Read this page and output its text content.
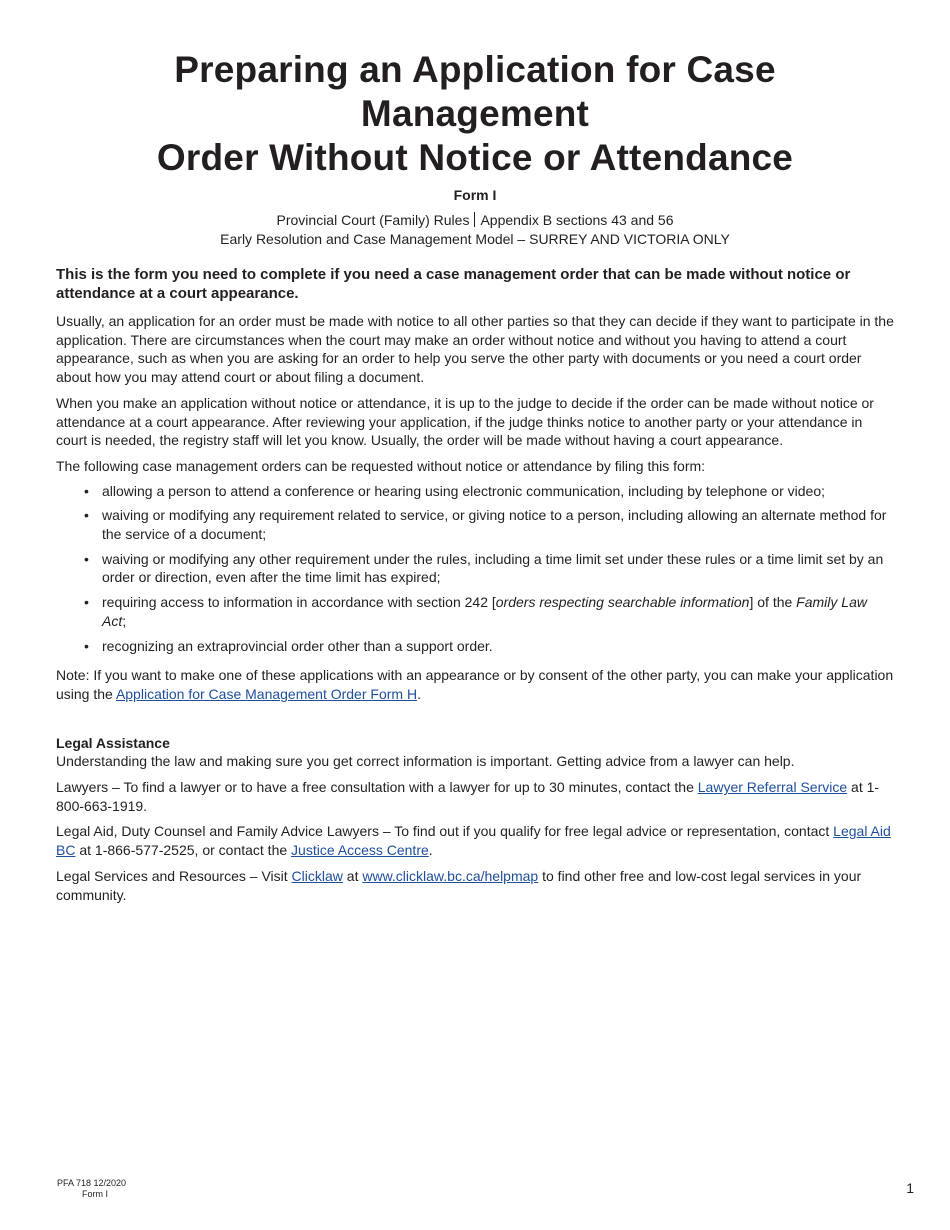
Preparing an Application for Case Management
Order Without Notice or Attendance
Form I
Provincial Court (Family) Rules Appendix B sections 43 and 56
Early Resolution and Case Management Model – SURREY AND VICTORIA ONLY
This is the form you need to complete if you need a case management order that can be made without notice or attendance at a court appearance.

Usually, an application for an order must be made with notice to all other parties so that they can decide if they want to participate in the application. There are circumstances when the court may make an order without notice and without you having to attend a court appearance, such as when you are asking for an order to help you serve the other party with documents or you need a court order about how you may attend court or about filing a document.

When you make an application without notice or attendance, it is up to the judge to decide if the order can be made without notice or attendance at a court appearance. After reviewing your application, if the judge thinks notice to another party or your attendance in court is needed, the registry staff will let you know. Usually, the order will be made without having a court appearance.

The following case management orders can be requested without notice or attendance by filing this form:

• allowing a person to attend a conference or hearing using electronic communication, including by telephone or video;
• waiving or modifying any requirement related to service, or giving notice to a person, including allowing an alternate method for the service of a document;
• waiving or modifying any other requirement under the rules, including a time limit set under these rules or a time limit set by an order or direction, even after the time limit has expired;
• requiring access to information in accordance with section 242 [orders respecting searchable information] of the Family Law Act;
• recognizing an extraprovincial order other than a support order.

Note: If you want to make one of these applications with an appearance or by consent of the other party, you can make your application using the Application for Case Management Order Form H.

Legal Assistance

Understanding the law and making sure you get correct information is important. Getting advice from a lawyer can help.

Lawyers – To find a lawyer or to have a free consultation with a lawyer for up to 30 minutes, contact the Lawyer Referral Service at 1-800-663-1919.

Legal Aid, Duty Counsel and Family Advice Lawyers – To find out if you qualify for free legal advice or representation, contact Legal Aid BC at 1-866-577-2525, or contact the Justice Access Centre.

Legal Services and Resources – Visit Clicklaw at www.clicklaw.bc.ca/helpmap to find other free and low-cost legal services in your community.

PFA 718 12/2020
Form I	1
